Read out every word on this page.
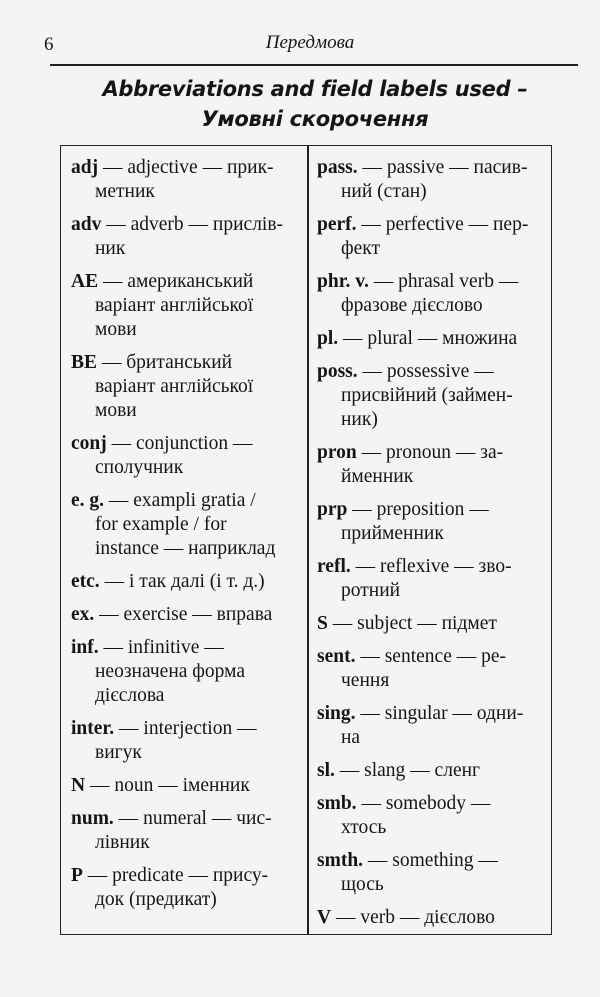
6	Передмова
Abbreviations and field labels used –
Умовні скорочення
adj — adjective — прик-
метник
adv — adverb — прислів-
ник
AE — американський
варіант англійської
мови
BE — британський
варіант англійської
мови
conj — conjunction —
сполучник
e. g. — exampli gratia /
for example / for
instance — наприклад
etc. — і так далі (і т. д.)
ex. — exercise — вправа
inf. — infinitive —
неозначена форма
дієслова
inter. — interjection —
вигук
N — noun — іменник
num. — numeral — чис-
лівник
P — predicate — прису-
док (предикат)
pass. — passive — пасив-
ний (стан)
perf. — perfective — пер-
фект
phr. v. — phrasal verb —
фразове дієслово
pl. — plural — множина
poss. — possessive —
присвійний (займен-
ник)
pron — pronoun — за-
йменник
prp — preposition —
прийменник
refl. — reflexive — зво-
ротний
S — subject — підмет
sent. — sentence — ре-
чення
sing. — singular — одни-
на
sl. — slang — сленг
smb. — somebody —
хтось
smth. — something —
щось
V — verb — дієслово
